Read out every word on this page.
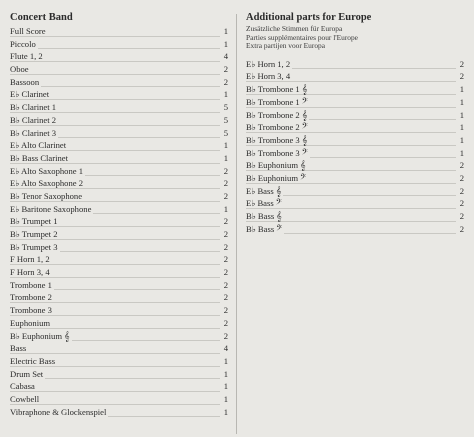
Concert Band
Full Score	1
Piccolo	1
Flute 1, 2	4
Oboe	2
Bassoon	2
E♭ Clarinet	1
B♭ Clarinet 1	5
B♭ Clarinet 2	5
B♭ Clarinet 3	5
E♭ Alto Clarinet	1
B♭ Bass Clarinet	1
E♭ Alto Saxophone 1	2
E♭ Alto Saxophone 2	2
B♭ Tenor Saxophone	2
E♭ Baritone Saxophone	1
B♭ Trumpet 1	2
B♭ Trumpet 2	2
B♭ Trumpet 3	2
F Horn 1, 2	2
F Horn 3, 4	2
Trombone 1	2
Trombone 2	2
Trombone 3	2
Euphonium	2
B♭ Euphonium 𝄞	2
Bass	4
Electric Bass	1
Drum Set	1
Cabasa	1
Cowbell	1
Vibraphone & Glockenspiel	1
Additional parts for Europe
Zusätzliche Stimmen für Europa
Parties supplémentaires pour l'Europe
Extra partijen voor Europa
E♭ Horn 1, 2	2
E♭ Horn 3, 4	2
B♭ Trombone 1 𝄞	1
B♭ Trombone 1 𝄢	1
B♭ Trombone 2 𝄞	1
B♭ Trombone 2 𝄢	1
B♭ Trombone 3 𝄞	1
B♭ Trombone 3 𝄢	1
B♭ Euphonium 𝄞	2
B♭ Euphonium 𝄢	2
E♭ Bass 𝄞	2
E♭ Bass 𝄢	2
B♭ Bass 𝄞	2
B♭ Bass 𝄢	2
